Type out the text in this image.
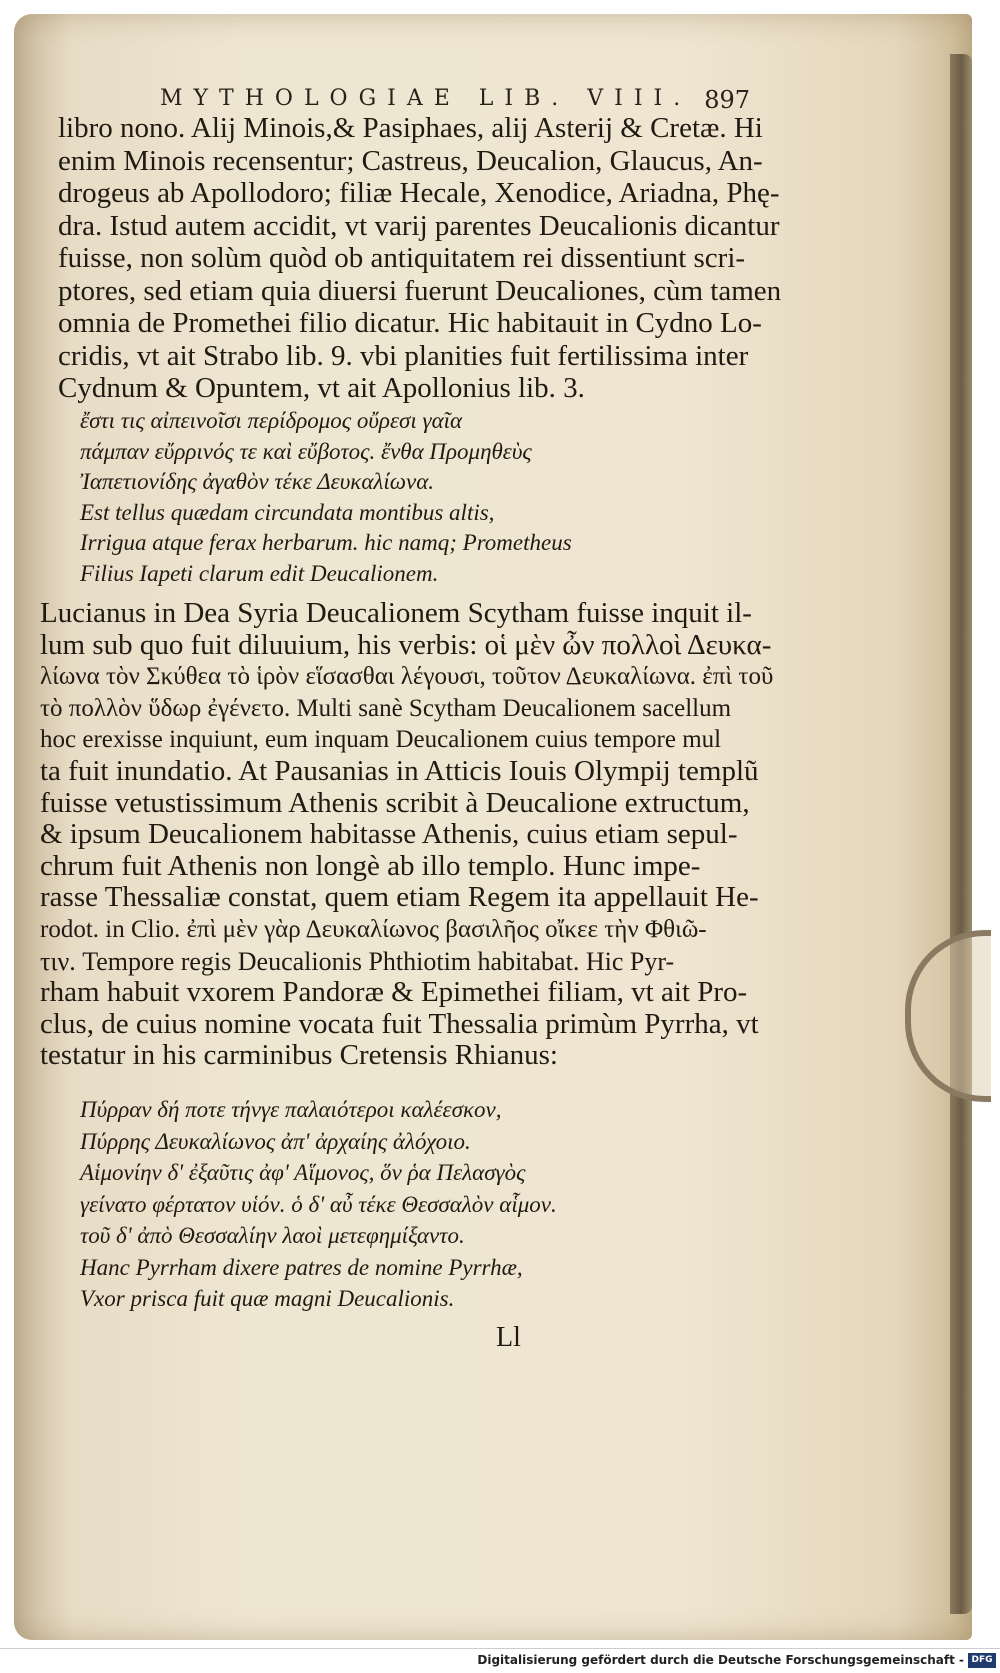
MYTHOLOGIAE LIB. VIII. 897
libro nono. Alij Minois,& Pasiphaes, alij Asterij & Cretæ. Hi
enim Minois recensentur; Castreus, Deucalion, Glaucus, An-
drogeus ab Apollodoro; filiæ Hecale, Xenodice, Ariadna, Phę-
dra. Istud autem accidit, vt varij parentes Deucalionis dicantur
fuisse, non solùm quòd ob antiquitatem rei dissentiunt scri-
ptores, sed etiam quia diuersi fuerunt Deucaliones, cùm tamen
omnia de Promethei filio dicatur. Hic habitauit in Cydno Lo-
cridis, vt ait Strabo lib. 9. vbi planities fuit fertilissima inter
Cydnum & Opuntem, vt ait Apollonius lib. 3.
ἔστι τις αἰπεινοῖσι περίδρομος οὔρεσι γαῖα
πάμπαν εὔρρινός τε καὶ εὔβοτος. ἔνθα Προμηθεὺς
Ἰαπετιονίδης ἀγαθὸν τέκε Δευκαλίωνα.
Est tellus quædam circundata montibus altis,
Irrigua atque ferax herbarum. hic namq; Prometheus
Filius Iapeti clarum edit Deucalionem.
Lucianus in Dea Syria Deucalionem Scytham fuisse inquit il-
lum sub quo fuit diluuium, his verbis: οἱ μὲν ὦν πολλοὶ Δευκα-
λίωνα τὸν Σκύθεα τὸ ἱρὸν εἵσασθαι λέγουσι, τοῦτον Δευκαλίωνα. ἐπὶ τοῦ
τὸ πολλὸν ὕδωρ ἐγένετο. Multi sanè Scytham Deucalionem sacellum
hoc erexisse inquiunt, eum inquam Deucalionem cuius tempore mul
ta fuit inundatio. At Pausanias in Atticis Iouis Olympij templũ
fuisse vetustissimum Athenis scribit à Deucalione extructum,
& ipsum Deucalionem habitasse Athenis, cuius etiam sepul-
chrum fuit Athenis non longè ab illo templo. Hunc impe-
rasse Thessaliæ constat, quem etiam Regem ita appellauit He-
rodot. in Clio. ἐπὶ μὲν γὰρ Δευκαλίωνος βασιλῆος οἴκεε τὴν Φθιῶ-
τιν. Tempore regis Deucalionis Phthiotim habitabat. Hic Pyr-
rham habuit vxorem Pandoræ & Epimethei filiam, vt ait Pro-
clus, de cuius nomine vocata fuit Thessalia primùm Pyrrha, vt
testatur in his carminibus Cretensis Rhianus:
Πύρραν δή ποτε τήνγε παλαιότεροι καλέεσκον,
Πύρρης Δευκαλίωνος ἀπ' ἀρχαίης ἀλόχοιο.
Αἱμονίην δ' ἐξαῦτις ἀφ' Αἵμονος, ὅν ῥα Πελασγὸς
γείνατο φέρτατον υἱόν. ὁ δ' αὖ τέκε Θεσσαλὸν αἷμον.
τοῦ δ' ἀπὸ Θεσσαλίην λαοὶ μετεφημίξαντο.
Hanc Pyrrham dixere patres de nomine Pyrrhæ,
Vxor prisca fuit quæ magni Deucalionis.
Ll
Digitalisierung gefördert durch die Deutsche Forschungsgemeinschaft - DFG
